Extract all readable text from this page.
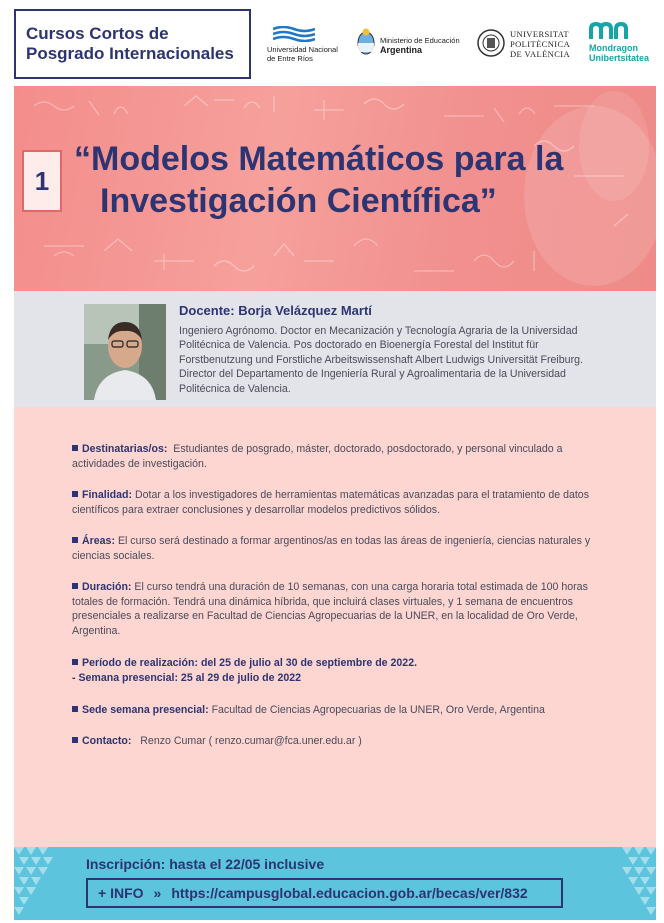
Cursos Cortos de
Posgrado Internacionales	Universidad Nacional
de Entre Ríos
Ministerio de Educación
Argentina
UNIVERSITAT
POLITÈCNICA
DE VALÈNCIA
Mondragon
Unibertsitatea
1
“Modelos Matemáticos para la
Investigación Científica”
Docente: Borja Velázquez Martí
Ingeniero Agrónomo. Doctor en Mecanización y Tecnología Agraria de la Universidad
Politécnica de Valencia. Pos doctorado en Bioenergía Forestal del Institut für
Forstbenutzung und Forstliche Arbeitswissenshaft Albert Ludwigs Universität Freiburg.
Director del Departamento de Ingeniería Rural y Agroalimentaria de la Universidad
Politécnica de Valencia.
Destinatarias/os: Estudiantes de posgrado, máster, doctorado, posdoctorado, y personal vinculado a
actividades de investigación.
Finalidad: Dotar a los investigadores de herramientas matemáticas avanzadas para el tratamiento de datos
científicos para extraer conclusiones y desarrollar modelos predictivos sólidos.
Áreas: El curso será destinado a formar argentinos/as en todas las áreas de ingeniería, ciencias naturales y
ciencias sociales.
Duración: El curso tendrá una duración de 10 semanas, con una carga horaria total estimada de 100 horas
totales de formación. Tendrá una dinámica híbrida, que incluirá clases virtuales, y 1 semana de encuentros
presenciales a realizarse en Facultad de Ciencias Agropecuarias de la UNER, en la localidad de Oro Verde,
Argentina.
Período de realización: del 25 de julio al 30 de septiembre de 2022.
- Semana presencial: 25 al 29 de julio de 2022
Sede semana presencial: Facultad de Ciencias Agropecuarias de la UNER, Oro Verde, Argentina
Contacto: Renzo Cumar ( renzo.cumar@fca.uner.edu.ar )
Inscripción: hasta el 22/05 inclusive
+ INFO » https://campusglobal.educacion.gob.ar/becas/ver/832
